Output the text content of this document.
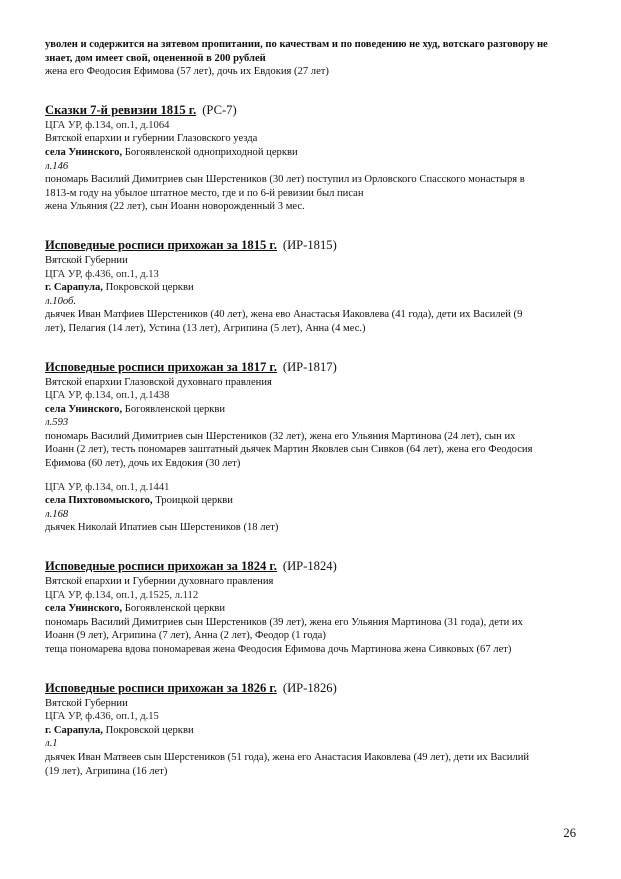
уволен и содержится на зятевом пропитании, по качествам и по поведению не худ, вотскаго разговору не
знает, дом имеет свой, оцененной в 200 рублей
жена его Феодосия Ефимова (57 лет), дочь их Евдокия (27 лет)
Сказки 7-й ревизии 1815 г. (РС-7)
ЦГА УР, ф.134, оп.1, д.1064
Вятской епархии и губернии Глазовского уезда
села Унинского, Богоявленской одноприходной церкви
л.146
пономарь Василий Димитриев сын Шерстеников (30 лет) поступил из Орловского Спасского монастыря в
1813-м году на убылое штатное место, где и по 6-й ревизии был писан
жена Ульяния (22 лет), сын Иоанн новорожденный 3 мес.
Исповедные росписи прихожан за 1815 г. (ИР-1815)
Вятской Губернии
ЦГА УР, ф.436, оп.1, д.13
г. Сарапула, Покровской церкви
л.10об.
дьячек Иван Матфиев Шерстеников (40 лет), жена ево Анастасья Иаковлева (41 года), дети их Василей (9
лет), Пелагия (14 лет), Устина (13 лет), Агрипина (5 лет), Анна (4 мес.)
Исповедные росписи прихожан за 1817 г. (ИР-1817)
Вятской епархии Глазовской духовнаго правления
ЦГА УР, ф.134, оп.1, д.1438
села Унинского, Богоявленской церкви
л.593
пономарь Василий Димитриев сын Шерстеников (32 лет), жена его Ульяния Мартинова (24 лет), сын их
Иоанн (2 лет), тесть пономарев заштатный дьячек Мартин Яковлев сын Сивков (64 лет), жена его Феодосия
Ефимова (60 лет), дочь их Евдокия (30 лет)
ЦГА УР, ф.134, оп.1, д.1441
села Пихтовомыского, Троицкой церкви
л.168
дьячек Николай Ипатиев сын Шерстеников (18 лет)
Исповедные росписи прихожан за 1824 г. (ИР-1824)
Вятской епархии и Губернии духовнаго правления
ЦГА УР, ф.134, оп.1, д.1525, л.112
села Унинского, Богоявленской церкви
пономарь Василий Димитриев сын Шерстеников (39 лет), жена его Ульяния Мартинова (31 года), дети их
Иоанн (9 лет), Агрипина (7 лет), Анна (2 лет), Феодор (1 года)
теща пономарева вдова пономаревая жена Феодосия Ефимова дочь Мартинова жена Сивковых (67 лет)
Исповедные росписи прихожан за 1826 г. (ИР-1826)
Вятской Губернии
ЦГА УР, ф.436, оп.1, д.15
г. Сарапула, Покровской церкви
л.1
дьячек Иван Матвеев сын Шерстеников (51 года), жена его Анастасия Иаковлева (49 лет), дети их Василий
(19 лет), Агрипина (16 лет)
26
